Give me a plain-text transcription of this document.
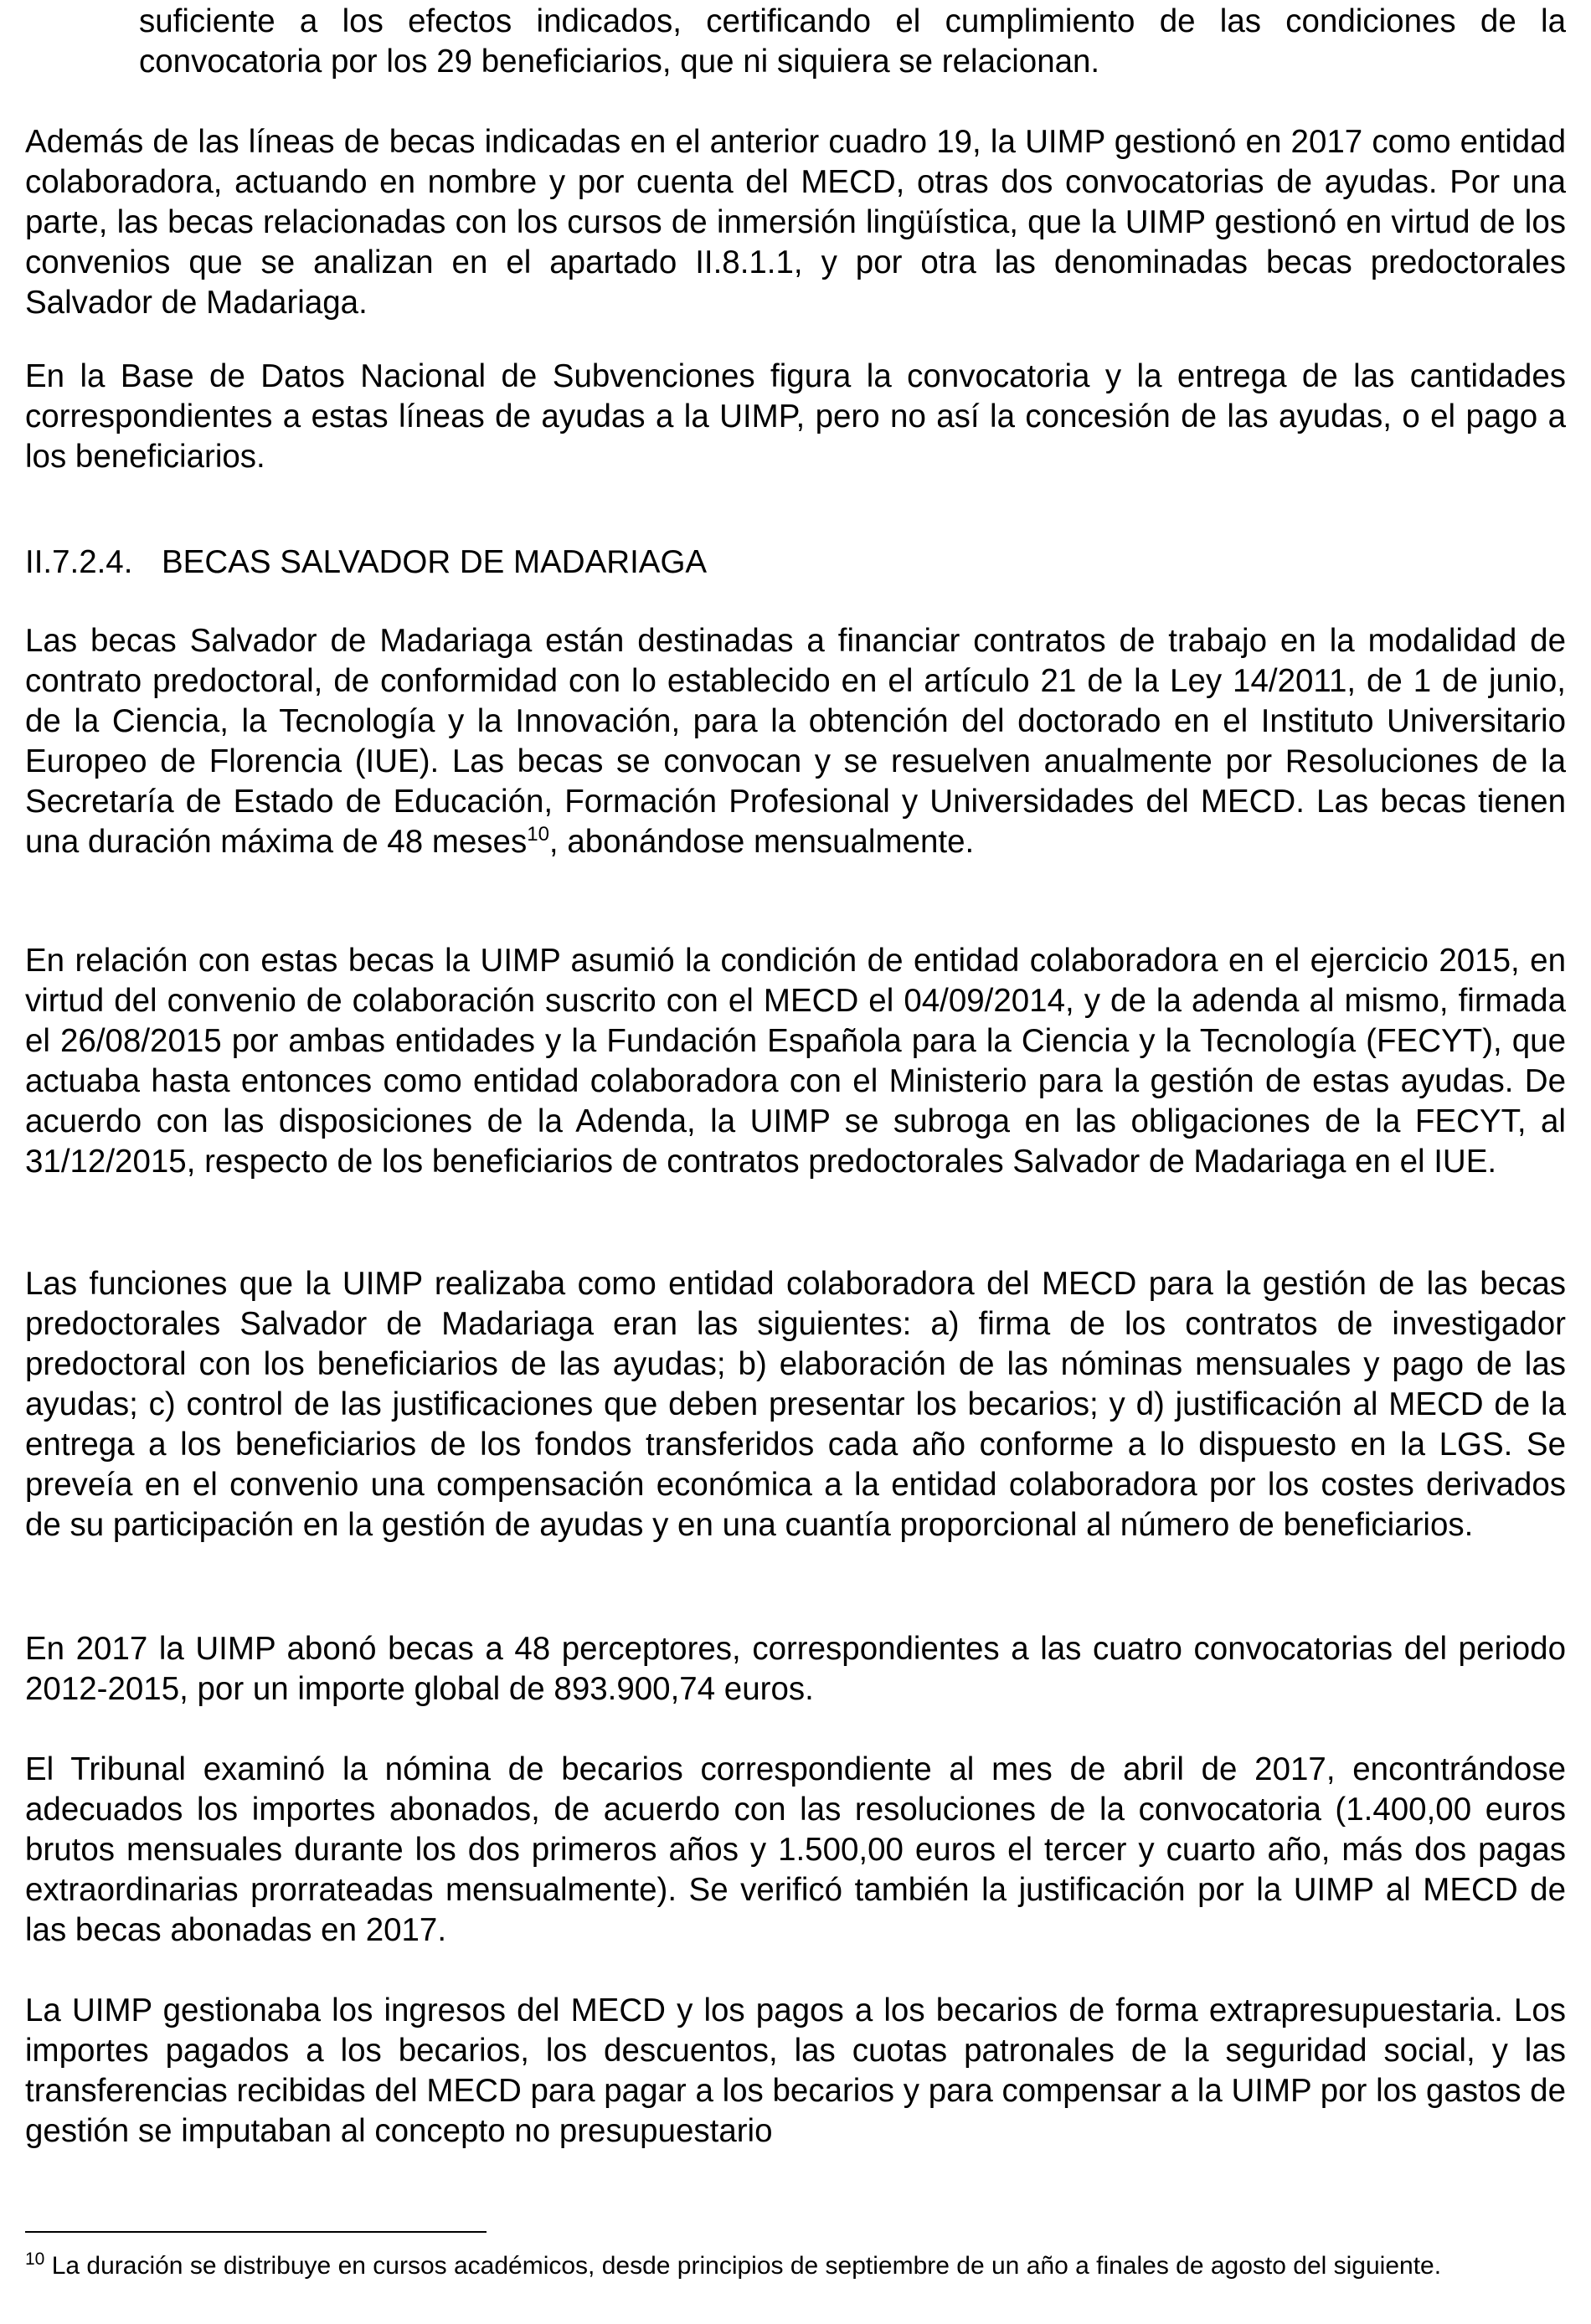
suficiente a los efectos indicados, certificando el cumplimiento de las condiciones de la convocatoria por los 29 beneficiarios, que ni siquiera se relacionan.

Además de las líneas de becas indicadas en el anterior cuadro 19, la UIMP gestionó en 2017 como entidad colaboradora, actuando en nombre y por cuenta del MECD, otras dos convocatorias de ayudas. Por una parte, las becas relacionadas con los cursos de inmersión lingüística, que la UIMP gestionó en virtud de los convenios que se analizan en el apartado II.8.1.1, y por otra las denominadas becas predoctorales Salvador de Madariaga.

En la Base de Datos Nacional de Subvenciones figura la convocatoria y la entrega de las cantidades correspondientes a estas líneas de ayudas a la UIMP, pero no así la concesión de las ayudas, o el pago a los beneficiarios.

II.7.2.4. BECAS SALVADOR DE MADARIAGA

Las becas Salvador de Madariaga están destinadas a financiar contratos de trabajo en la modalidad de contrato predoctoral, de conformidad con lo establecido en el artículo 21 de la Ley 14/2011, de 1 de junio, de la Ciencia, la Tecnología y la Innovación, para la obtención del doctorado en el Instituto Universitario Europeo de Florencia (IUE). Las becas se convocan y se resuelven anualmente por Resoluciones de la Secretaría de Estado de Educación, Formación Profesional y Universidades del MECD. Las becas tienen una duración máxima de 48 meses$^{10}$, abonándose mensualmente.

En relación con estas becas la UIMP asumió la condición de entidad colaboradora en el ejercicio 2015, en virtud del convenio de colaboración suscrito con el MECD el 04/09/2014, y de la adenda al mismo, firmada el 26/08/2015 por ambas entidades y la Fundación Española para la Ciencia y la Tecnología (FECYT), que actuaba hasta entonces como entidad colaboradora con el Ministerio para la gestión de estas ayudas. De acuerdo con las disposiciones de la Adenda, la UIMP se subroga en las obligaciones de la FECYT, al 31/12/2015, respecto de los beneficiarios de contratos predoctorales Salvador de Madariaga en el IUE.

Las funciones que la UIMP realizaba como entidad colaboradora del MECD para la gestión de las becas predoctorales Salvador de Madariaga eran las siguientes: a) firma de los contratos de investigador predoctoral con los beneficiarios de las ayudas; b) elaboración de las nóminas mensuales y pago de las ayudas; c) control de las justificaciones que deben presentar los becarios; y d) justificación al MECD de la entrega a los beneficiarios de los fondos transferidos cada año conforme a lo dispuesto en la LGS. Se preveía en el convenio una compensación económica a la entidad colaboradora por los costes derivados de su participación en la gestión de ayudas y en una cuantía proporcional al número de beneficiarios.

En 2017 la UIMP abonó becas a 48 perceptores, correspondientes a las cuatro convocatorias del periodo 2012-2015, por un importe global de 893.900,74 euros.

El Tribunal examinó la nómina de becarios correspondiente al mes de abril de 2017, encontrándose adecuados los importes abonados, de acuerdo con las resoluciones de la convocatoria (1.400,00 euros brutos mensuales durante los dos primeros años y 1.500,00 euros el tercer y cuarto año, más dos pagas extraordinarias prorrateadas mensualmente). Se verificó también la justificación por la UIMP al MECD de las becas abonadas en 2017.

La UIMP gestionaba los ingresos del MECD y los pagos a los becarios de forma extrapresupuestaria. Los importes pagados a los becarios, los descuentos, las cuotas patronales de la seguridad social, y las transferencias recibidas del MECD para pagar a los becarios y para compensar a la UIMP por los gastos de gestión se imputaban al concepto no presupuestario

$^{10}$ La duración se distribuye en cursos académicos, desde principios de septiembre de un año a finales de agosto del siguiente.
